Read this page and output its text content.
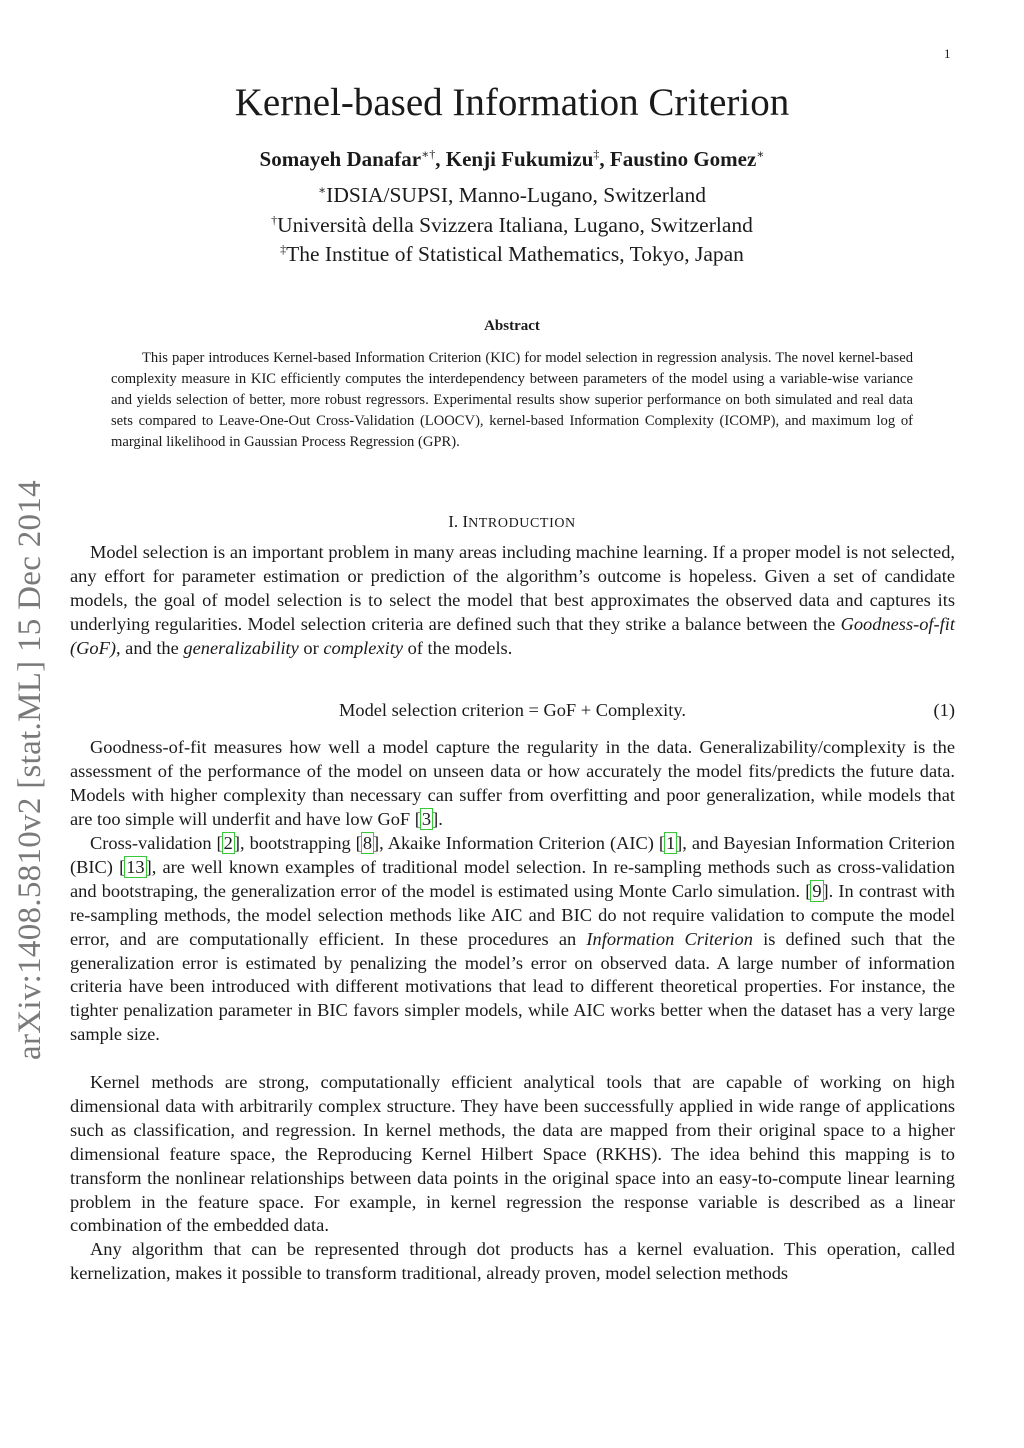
1
arXiv:1408.5810v2 [stat.ML] 15 Dec 2014
Kernel-based Information Criterion
Somayeh Danafar∗†, Kenji Fukumizu‡, Faustino Gomez∗
∗IDSIA/SUPSI, Manno-Lugano, Switzerland
†Università della Svizzera Italiana, Lugano, Switzerland
‡The Institue of Statistical Mathematics, Tokyo, Japan
Abstract

This paper introduces Kernel-based Information Criterion (KIC) for model selection in regression analysis. The novel kernel-based complexity measure in KIC efficiently computes the interdependency between parameters of the model using a variable-wise variance and yields selection of better, more robust regressors. Experimental results show superior performance on both simulated and real data sets compared to Leave-One-Out Cross-Validation (LOOCV), kernel-based Information Complexity (ICOMP), and maximum log of marginal likelihood in Gaussian Process Regression (GPR).

I. INTRODUCTION

Model selection is an important problem in many areas including machine learning. If a proper model is not selected, any effort for parameter estimation or prediction of the algorithm’s outcome is hopeless. Given a set of candidate models, the goal of model selection is to select the model that best approximates the observed data and captures its underlying regularities. Model selection criteria are defined such that they strike a balance between the Goodness-of-fit (GoF), and the generalizability or complexity of the models.

Model selection criterion = GoF + Complexity.	(1)

Goodness-of-fit measures how well a model capture the regularity in the data. Generalizability/complexity is the assessment of the performance of the model on unseen data or how accurately the model fits/predicts the future data. Models with higher complexity than necessary can suffer from overfitting and poor generalization, while models that are too simple will underfit and have low GoF [3].

Cross-validation [2], bootstrapping [8], Akaike Information Criterion (AIC) [1], and Bayesian Information Criterion (BIC) [13], are well known examples of traditional model selection. In re-sampling methods such as cross-validation and bootstraping, the generalization error of the model is estimated using Monte Carlo simulation. [9]. In contrast with re-sampling methods, the model selection methods like AIC and BIC do not require validation to compute the model error, and are computationally efficient. In these procedures an Information Criterion is defined such that the generalization error is estimated by penalizing the model’s error on observed data. A large number of information criteria have been introduced with different motivations that lead to different theoretical properties. For instance, the tighter penalization parameter in BIC favors simpler models, while AIC works better when the dataset has a very large sample size.

Kernel methods are strong, computationally efficient analytical tools that are capable of working on high dimensional data with arbitrarily complex structure. They have been successfully applied in wide range of applications such as classification, and regression. In kernel methods, the data are mapped from their original space to a higher dimensional feature space, the Reproducing Kernel Hilbert Space (RKHS). The idea behind this mapping is to transform the nonlinear relationships between data points in the original space into an easy-to-compute linear learning problem in the feature space. For example, in kernel regression the response variable is described as a linear combination of the embedded data.

Any algorithm that can be represented through dot products has a kernel evaluation. This operation, called kernelization, makes it possible to transform traditional, already proven, model selection methods
